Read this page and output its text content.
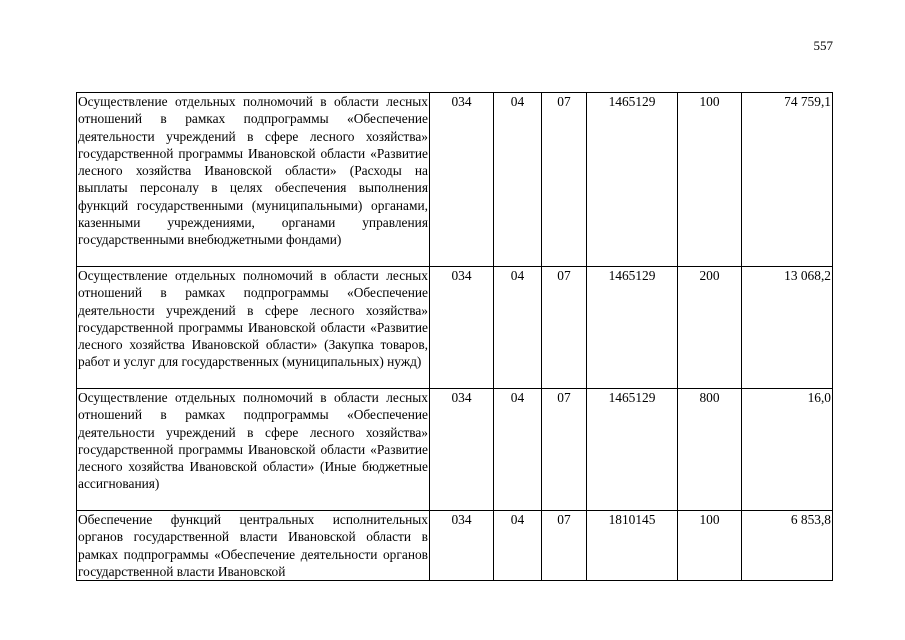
557
Осуществление отдельных полномочий в области лесных отношений в рамках подпрограммы «Обеспечение деятельности учреждений в сфере лесного хозяйства» государственной программы Ивановской области «Развитие лесного хозяйства Ивановской области» (Расходы на выплаты персоналу в целях обеспечения выполнения функций государственными (муниципальными) органами, казенными учреждениями, органами управления государственными внебюджетными фондами)	034	04	07	1465129	100	74 759,1
Осуществление отдельных полномочий в области лесных отношений в рамках подпрограммы «Обеспечение деятельности учреждений в сфере лесного хозяйства» государственной программы Ивановской области «Развитие лесного хозяйства Ивановской области» (Закупка товаров, работ и услуг для государственных (муниципальных) нужд)	034	04	07	1465129	200	13 068,2
Осуществление отдельных полномочий в области лесных отношений в рамках подпрограммы «Обеспечение деятельности учреждений в сфере лесного хозяйства» государственной программы Ивановской области «Развитие лесного хозяйства Ивановской области» (Иные бюджетные ассигнования)	034	04	07	1465129	800	16,0
Обеспечение функций центральных исполнительных органов государственной власти Ивановской области в рамках подпрограммы «Обеспечение деятельности органов государственной власти Ивановской	034	04	07	1810145	100	6 853,8
